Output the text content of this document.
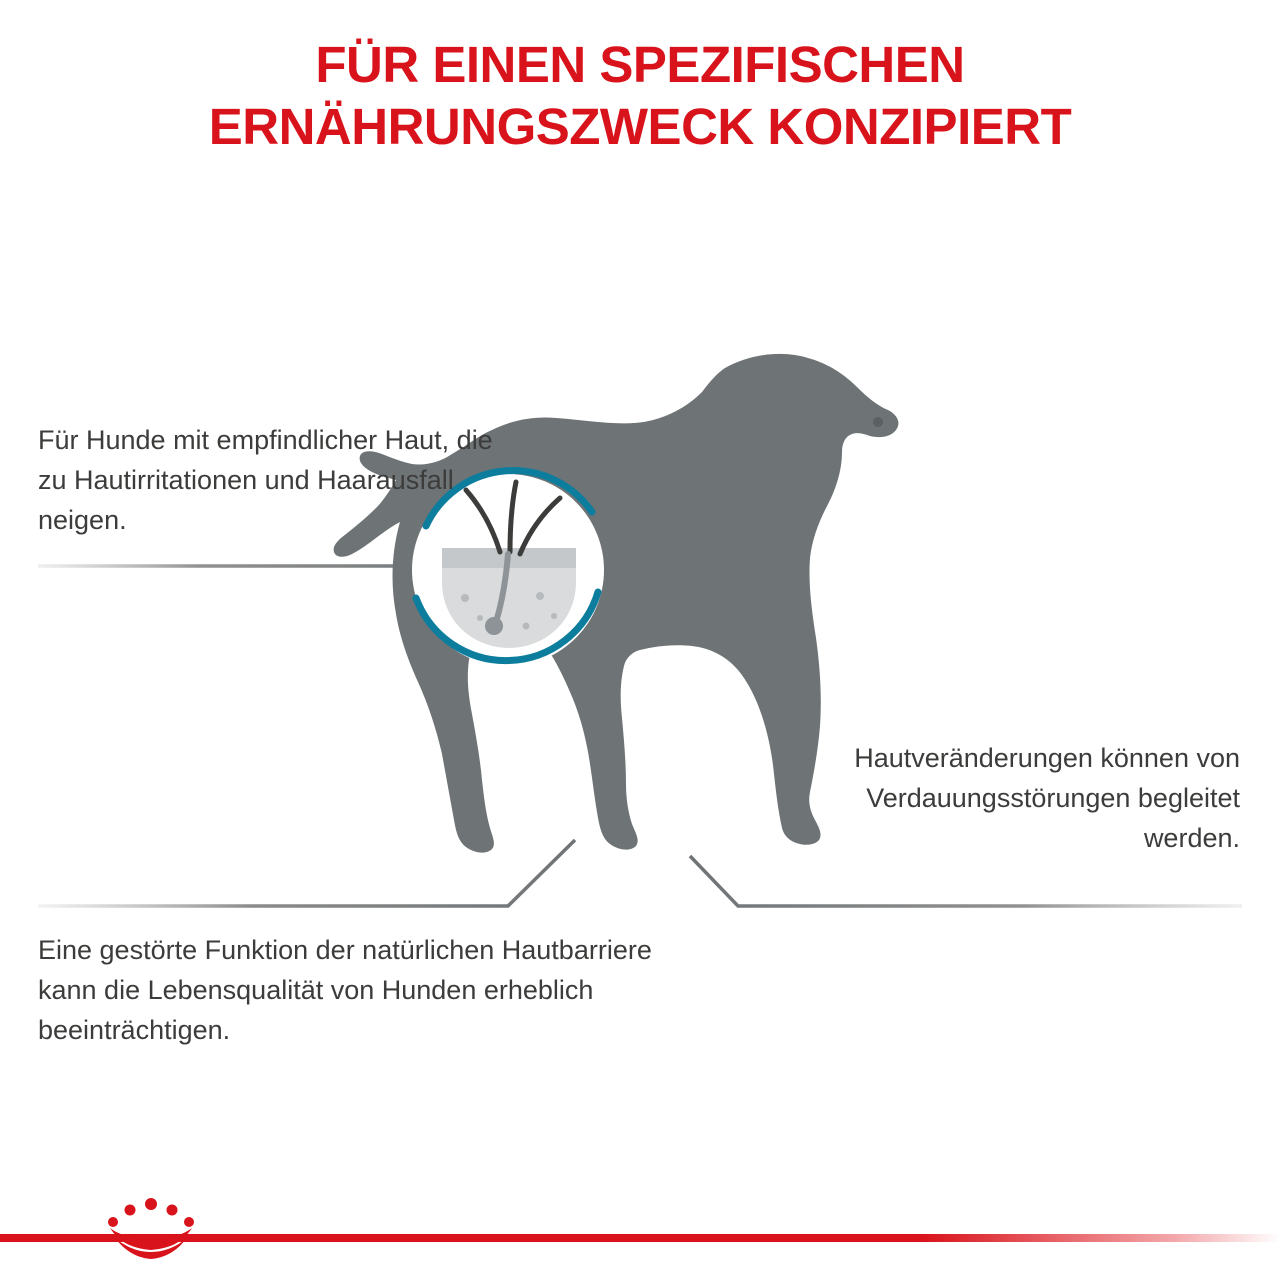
FÜR EINEN SPEZIFISCHEN
ERNÄHRUNGSZWECK KONZIPIERT
Für Hunde mit empfindlicher Haut, die zu Hautirritationen und Haarausfall neigen.
Hautveränderungen können von Verdauungsstörungen begleitet werden.
Eine gestörte Funktion der natürlichen Hautbarriere kann die Lebensqualität von Hunden erheblich beeinträchtigen.
